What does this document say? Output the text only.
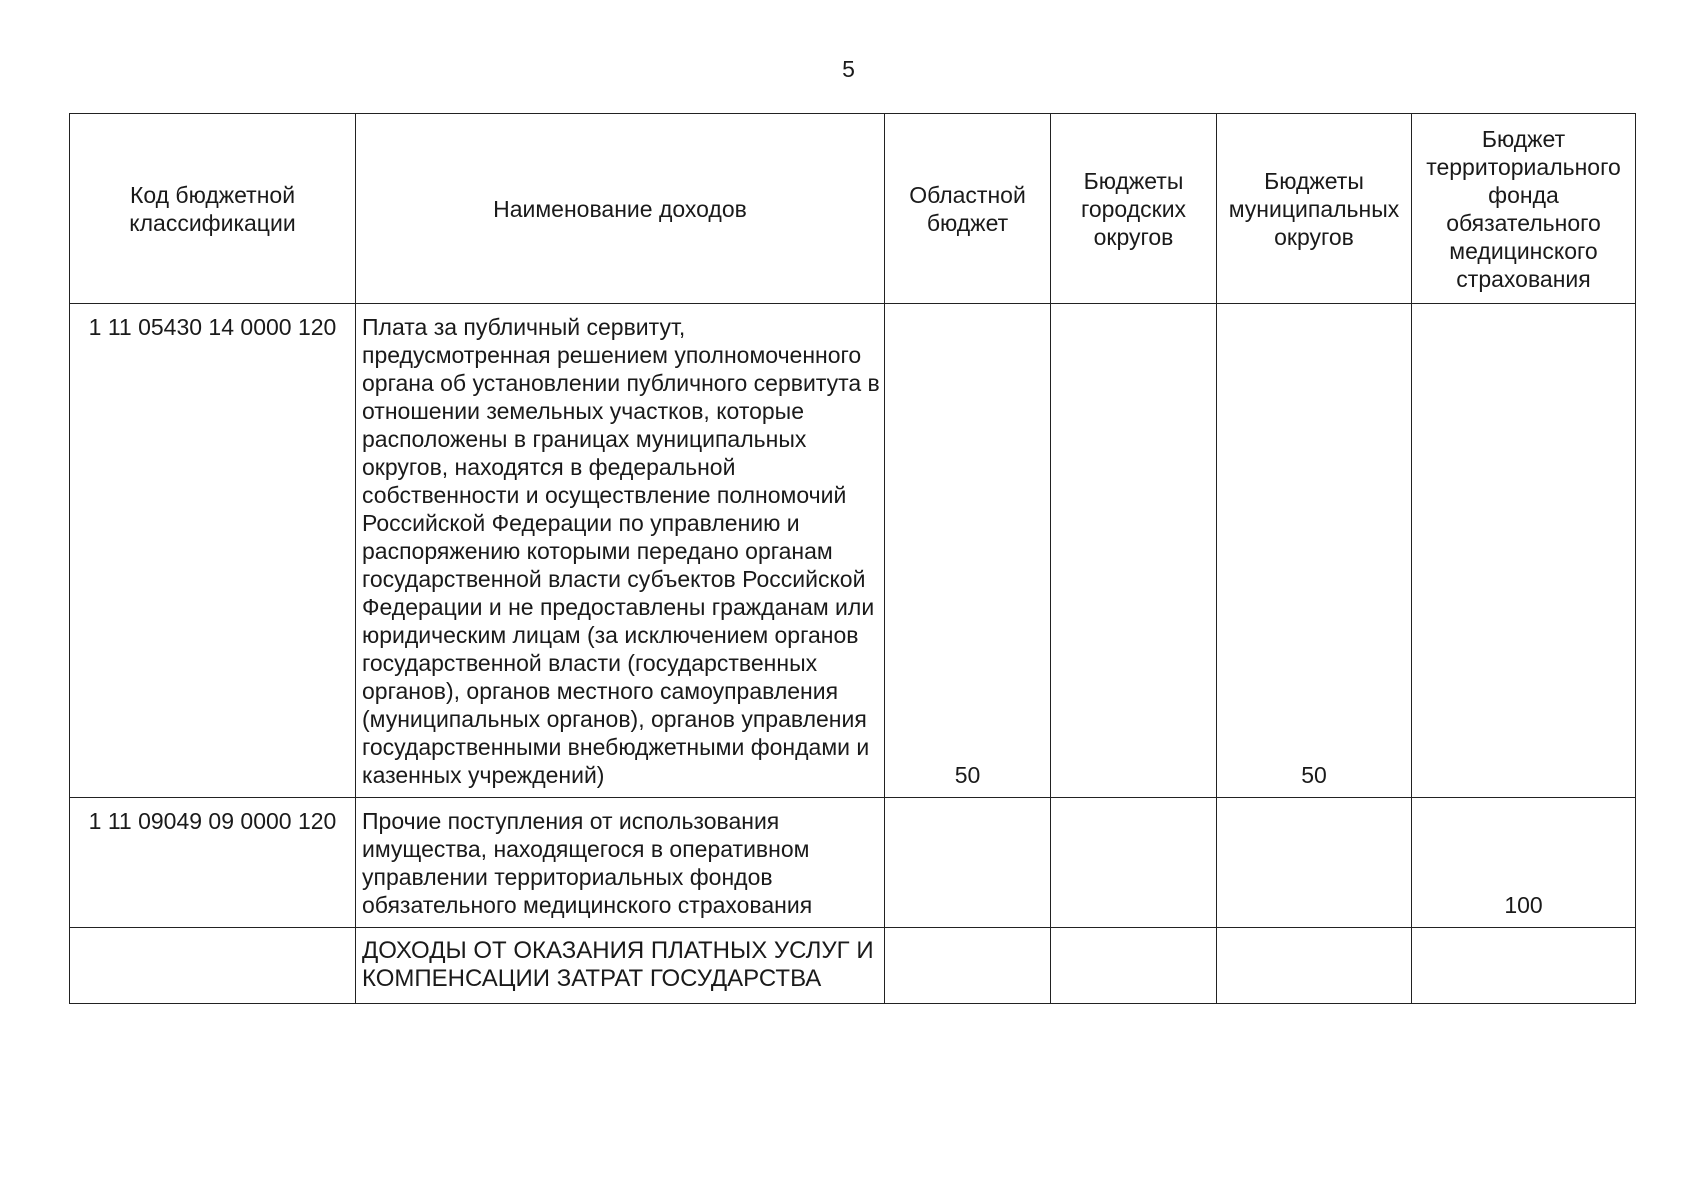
5
Код бюджетной классификации	Наименование доходов	Областной бюджет	Бюджеты городских округов	Бюджеты муниципальных округов	Бюджет территориального фонда обязательного медицинского страхования
1 11 05430 14 0000 120	Плата за публичный сервитут, предусмотренная решением уполномоченного органа об установлении публичного сервитута в отношении земельных участков, которые расположены в границах муниципальных округов, находятся в федеральной собственности и осуществление полномочий Российской Федерации по управлению и распоряжению которыми передано органам государственной власти субъектов Российской Федерации и не предоставлены гражданам или юридическим лицам (за исключением органов государственной власти (государственных органов), органов местного самоуправления (муниципальных органов), органов управления государственными внебюджетными фондами и казенных учреждений)	50		50	
1 11 09049 09 0000 120	Прочие поступления от использования имущества, находящегося в оперативном управлении территориальных фондов обязательного медицинского страхования				100
	ДОХОДЫ ОТ ОКАЗАНИЯ ПЛАТНЫХ УСЛУГ И КОМПЕНСАЦИИ ЗАТРАТ ГОСУДАРСТВА				
